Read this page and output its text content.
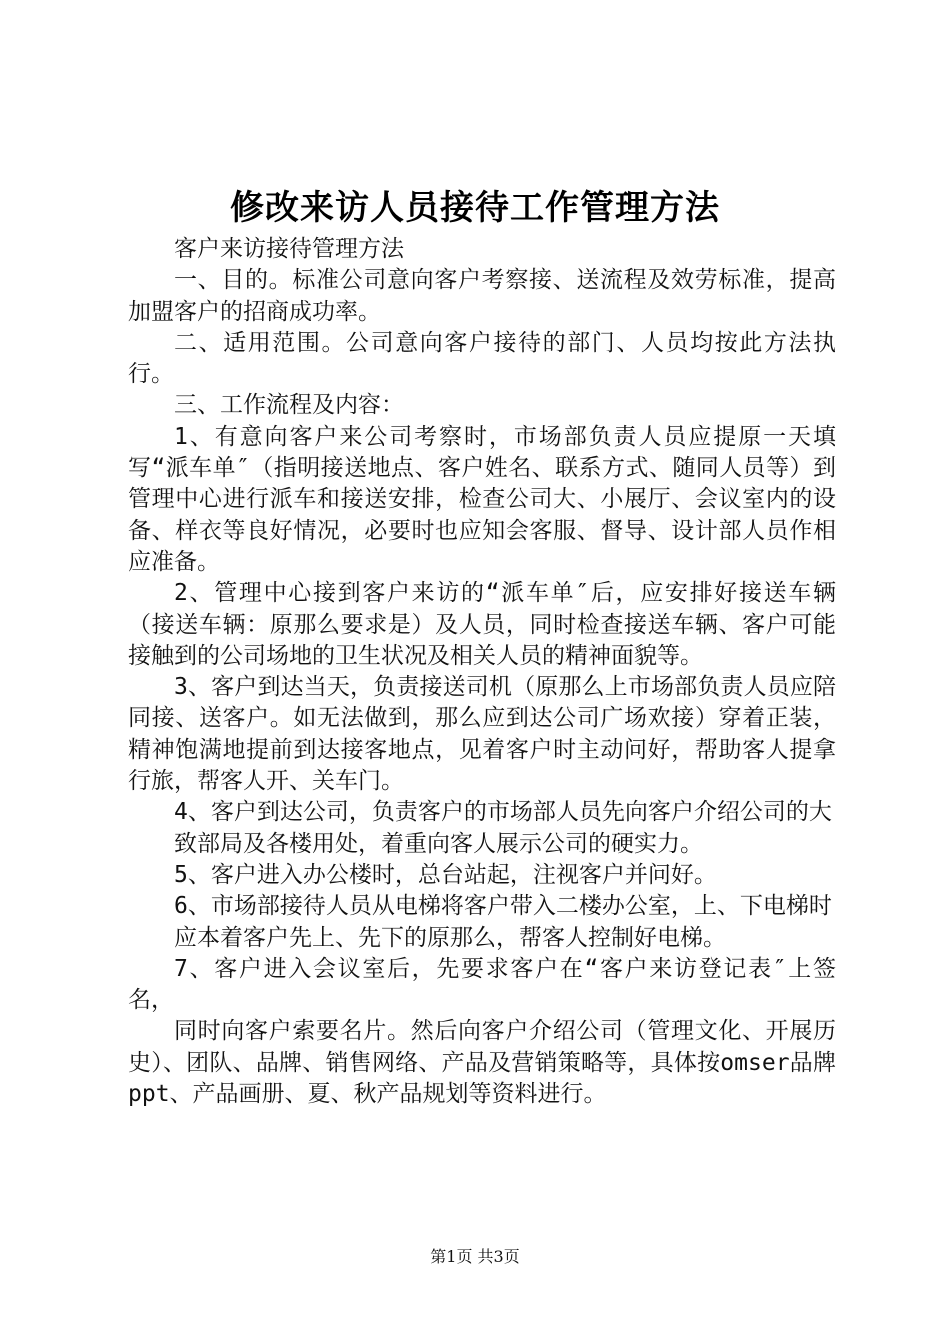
修改来访人员接待工作管理方法

客户来访接待管理方法

一、目的。标准公司意向客户考察接、送流程及效劳标准，提高加盟客户的招商成功率。

二、适用范围。公司意向客户接待的部门、人员均按此方法执行。

三、工作流程及内容：

1、有意向客户来公司考察时，市场部负责人员应提原一天填写“派车单″（指明接送地点、客户姓名、联系方式、随同人员等）到管理中心进行派车和接送安排，检查公司大、小展厅、会议室内的设备、样衣等良好情况，必要时也应知会客服、督导、设计部人员作相应准备。

2、管理中心接到客户来访的“派车单″后，应安排好接送车辆（接送车辆：原那么要求是）及人员，同时检查接送车辆、客户可能接触到的公司场地的卫生状况及相关人员的精神面貌等。

3、客户到达当天，负责接送司机（原那么上市场部负责人员应陪同接、送客户。如无法做到，那么应到达公司广场欢接）穿着正装，精神饱满地提前到达接客地点，见着客户时主动问好，帮助客人提拿行旅，帮客人开、关车门。

4、客户到达公司，负责客户的市场部人员先向客户介绍公司的大

致部局及各楼用处，着重向客人展示公司的硬实力。

5、客户进入办公楼时，总台站起，注视客户并问好。

6、市场部接待人员从电梯将客户带入二楼办公室，上、下电梯时

应本着客户先上、先下的原那么，帮客人控制好电梯。

7、客户进入会议室后，先要求客户在“客户来访登记表″上签名，

同时向客户索要名片。然后向客户介绍公司（管理文化、开展历史）、团队、品牌、销售网络、产品及营销策略等，具体按omser品牌ppt、产品画册、夏、秋产品规划等资料进行。

第1页 共3页
